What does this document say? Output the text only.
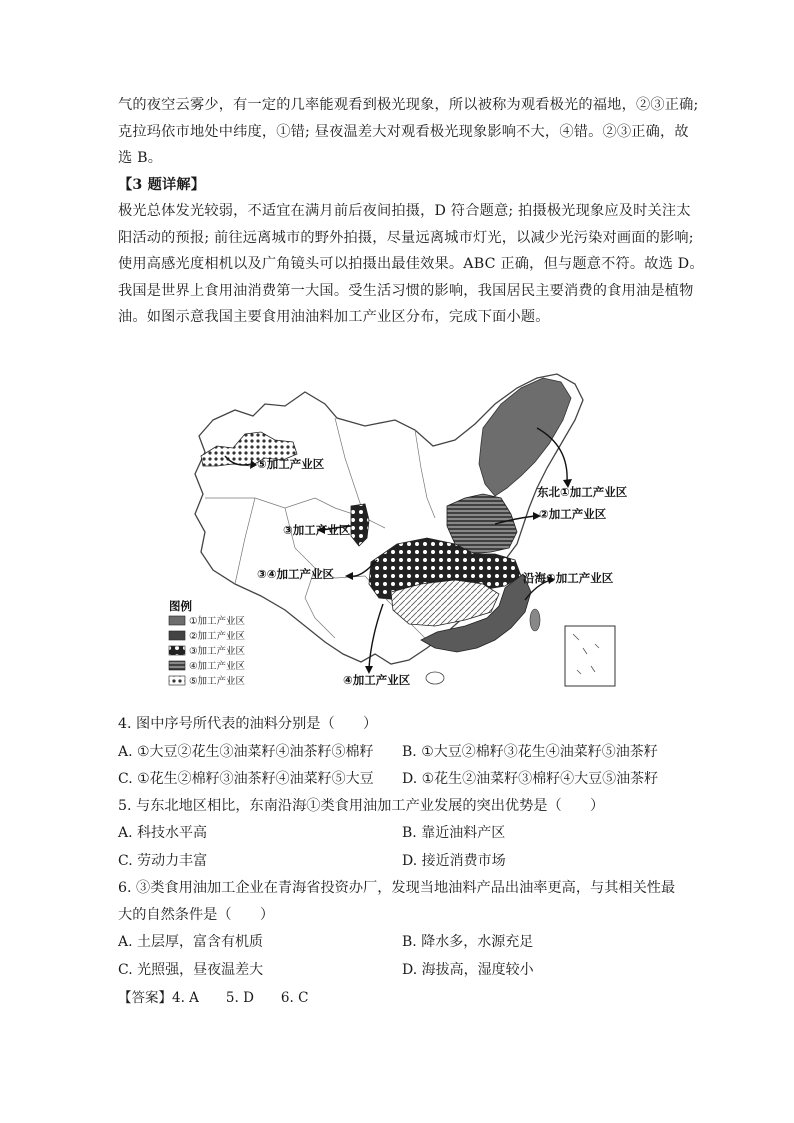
气的夜空云雾少，有一定的几率能观看到极光现象，所以被称为观看极光的福地，②③正确;
克拉玛依市地处中纬度，①错; 昼夜温差大对观看极光现象影响不大，④错。②③正确，故
选 B。
【3 题详解】
极光总体发光较弱，不适宜在满月前后夜间拍摄，D 符合题意; 拍摄极光现象应及时关注太
阳活动的预报; 前往远离城市的野外拍摄，尽量远离城市灯光，以减少光污染对画面的影响;
使用高感光度相机以及广角镜头可以拍摄出最佳效果。ABC 正确，但与题意不符。故选 D。
我国是世界上食用油消费第一大国。受生活习惯的影响，我国居民主要消费的食用油是植物
油。如图示意我国主要食用油油料加工产业区分布，完成下面小题。
⑤加工产业区
东北①加工产业区
②加工产业区
③加工产业区
③④加工产业区	沿海①加工产业区
④加工产业区
图例
①加工产业区
②加工产业区
③加工产业区
④加工产业区
⑤加工产业区
4. 图中序号所代表的油料分别是（　　）
A. ①大豆②花生③油菜籽④油茶籽⑤棉籽 B. ①大豆②棉籽③花生④油菜籽⑤油茶籽
C. ①花生②棉籽③油茶籽④油菜籽⑤大豆 D. ①花生②油菜籽③棉籽④大豆⑤油茶籽
5. 与东北地区相比，东南沿海①类食用油加工产业发展的突出优势是（　　）
A. 科技水平高	B. 靠近油料产区
C. 劳动力丰富	D. 接近消费市场
6. ③类食用油加工企业在青海省投资办厂，发现当地油料产品出油率更高，与其相关性最
大的自然条件是（　　）
A. 土层厚，富含有机质	B. 降水多，水源充足
C. 光照强，昼夜温差大	D. 海拔高，湿度较小
【答案】4. A　　5. D　　6. C
